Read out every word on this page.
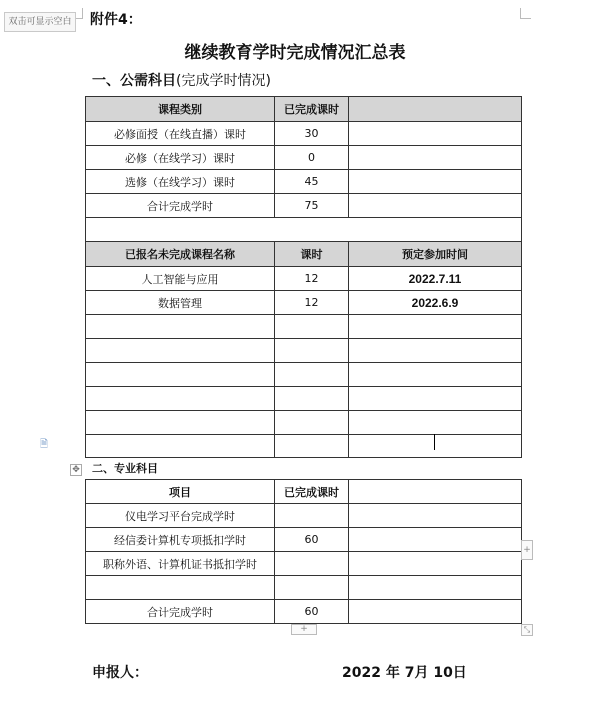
双击可显示空白	附件4：
继续教育学时完成情况汇总表
一、公需科目(完成学时情况)
课程类别	已完成课时	
必修面授（在线直播）课时	30	
必修（在线学习）课时	0	
选修（在线学习）课时	45	
合计完成学时	75	

已报名未完成课程名称	课时	预定参加时间
人工智能与应用	12	2022.7.11
数据管理	12	2022.6.9

🗎
✥ 二、专业科目
项目	已完成课时	
仪电学习平台完成学时		
经信委计算机专项抵扣学时	60	
职称外语、计算机证书抵扣学时		

合计完成学时	60	
+
+	⤡
申报人：	2022 年 7月 10日
